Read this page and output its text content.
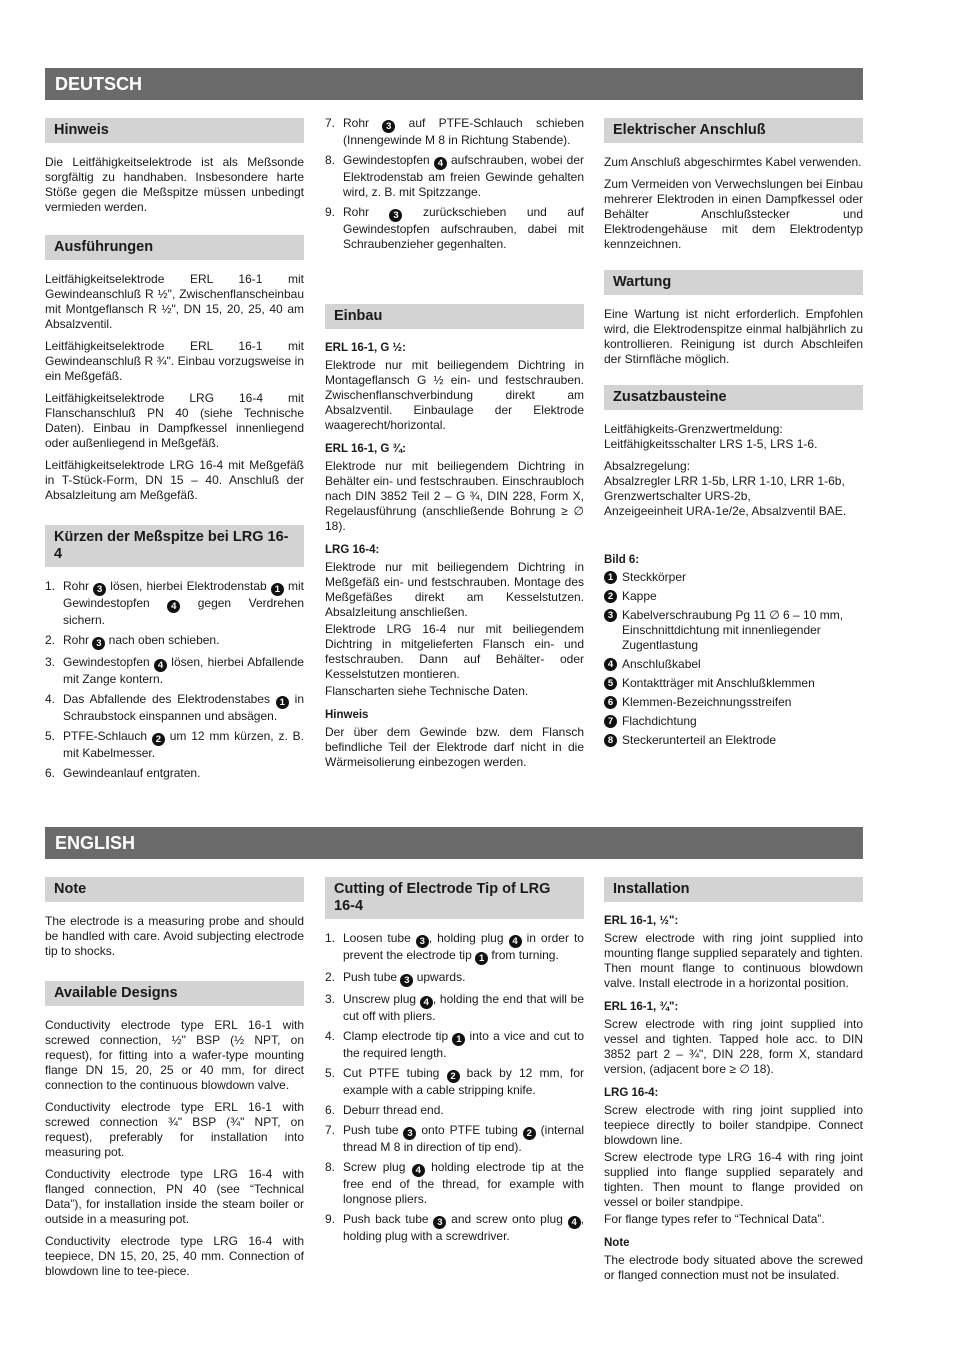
DEUTSCH
Hinweis

Die Leitfähigkeitselektrode ist als Meßsonde sorgfältig zu handhaben. Insbesondere harte Stöße gegen die Meßspitze müssen unbedingt vermieden werden.

Ausführungen

Leitfähigkeitselektrode ERL 16-1 mit Gewindeanschluß R ½", Zwischenflanscheinbau mit Montgeflansch R ½", DN 15, 20, 25, 40 am Absalzventil.

Leitfähigkeitselektrode ERL 16-1 mit Gewindeanschluß R ¾". Einbau vorzugsweise in ein Meßgefäß.

Leitfähigkeitselektrode LRG 16-4 mit Flanschanschluß PN 40 (siehe Technische Daten). Einbau in Dampfkessel innenliegend oder außenliegend in Meßgefäß.

Leitfähigkeitselektrode LRG 16-4 mit Meßgefäß in T-Stück-Form, DN 15 – 40. Anschluß der Absalzleitung am Meßgefäß.

Kürzen der Meßspitze bei LRG 16-4
1. Rohr 3 lösen, hierbei Elektrodenstab 1 mit Gewindestopfen 4 gegen Verdrehen sichern.
2. Rohr 3 nach oben schieben.
3. Gewindestopfen 4 lösen, hierbei Abfallende mit Zange kontern.
4. Das Abfallende des Elektrodenstabes 1 in Schraubstock einspannen und absägen.
5. PTFE-Schlauch 2 um 12 mm kürzen, z. B. mit Kabelmesser.
6. Gewindeanlauf entgraten.
7. Rohr 3 auf PTFE-Schlauch schieben (Innengewinde M 8 in Richtung Stabende).
8. Gewindestopfen 4 aufschrauben, wobei der Elektrodenstab am freien Gewinde gehalten wird, z. B. mit Spitzzange.
9. Rohr 3 zurückschieben und auf Gewindestopfen aufschrauben, dabei mit Schraubenzieher gegenhalten.
Einbau
ERL 16-1, G ½:

Elektrode nur mit beiliegendem Dichtring in Montageflansch G ½ ein- und festschrauben. Zwischenflanschverbindung direkt am Absalzventil. Einbaulage der Elektrode waagerecht/horizontal.

ERL 16-1, G ¾:

Elektrode nur mit beiliegendem Dichtring in Behälter ein- und festschrauben. Einschraubloch nach DIN 3852 Teil 2 – G ¾, DIN 228, Form X, Regelausführung (anschließende Bohrung ≥ ∅ 18).

LRG 16-4:

Elektrode nur mit beiliegendem Dichtring in Meßgefäß ein- und festschrauben. Montage des Meßgefäßes direkt am Kesselstutzen. Absalzleitung anschließen.

Elektrode LRG 16-4 nur mit beiliegendem Dichtring in mitgelieferten Flansch ein- und festschrauben. Dann auf Behälter- oder Kesselstutzen montieren.

Flanscharten siehe Technische Daten.

Hinweis

Der über dem Gewinde bzw. dem Flansch befindliche Teil der Elektrode darf nicht in die Wärmeisolierung einbezogen werden.

Elektrischer Anschluß

Zum Anschluß abgeschirmtes Kabel verwenden.

Zum Vermeiden von Verwechslungen bei Einbau mehrerer Elektroden in einen Dampfkessel oder Behälter Anschlußstecker und Elektrodengehäuse mit dem Elektrodentyp kennzeichnen.

Wartung

Eine Wartung ist nicht erforderlich. Empfohlen wird, die Elektrodenspitze einmal halbjährlich zu kontrollieren. Reinigung ist durch Abschleifen der Stirnfläche möglich.

Zusatzbausteine
Leitfähigkeits-Grenzwertmeldung:
Leitfähigkeitsschalter LRS 1-5, LRS 1-6.
Absalzregelung:
Absalzregler LRR 1-5b, LRR 1-10, LRR 1-6b,
Grenzwertschalter URS-2b,
Anzeigeeinheit URA-1e/2e, Absalzventil BAE.
Bild 6:
1 Steckkörper
2 Kappe
3 Kabelverschraubung Pg 11 ∅ 6 – 10 mm, Einschnittdichtung mit innenliegender Zugentlastung
4 Anschlußkabel
5 Kontaktträger mit Anschlußklemmen
6 Klemmen-Bezeichnungsstreifen
7 Flachdichtung
8 Steckerunterteil an Elektrode
ENGLISH
Note

The electrode is a measuring probe and should be handled with care. Avoid subjecting electrode tip to shocks.

Available Designs

Conductivity electrode type ERL 16-1 with screwed connection, ½" BSP (½ NPT, on request), for fitting into a wafer-type mounting flange DN 15, 20, 25 or 40 mm, for direct connection to the continuous blowdown valve.

Conductivity electrode type ERL 16-1 with screwed connection ¾" BSP (¾" NPT, on request), preferably for installation into measuring pot.

Conductivity electrode type LRG 16-4 with flanged connection, PN 40 (see “Technical Data”), for installation inside the steam boiler or outside in a measuring pot.

Conductivity electrode type LRG 16-4 with teepiece, DN 15, 20, 25, 40 mm. Connection of blowdown line to tee-piece.

Cutting of Electrode Tip of LRG 16-4
1. Loosen tube 3 , holding plug 4 in order to prevent the electrode tip 1 from turning.
2. Push tube 3 upwards.
3. Unscrew plug 4 , holding the end that will be cut off with pliers.
4. Clamp electrode tip 1 into a vice and cut to the required length.
5. Cut PTFE tubing 2 back by 12 mm, for example with a cable stripping knife.
6. Deburr thread end.
7. Push tube 3 onto PTFE tubing 2 (internal thread M 8 in direction of tip end).
8. Screw plug 4 holding electrode tip at the free end of the thread, for example with longnose pliers.
9. Push back tube 3 and screw onto plug 4 , holding plug with a screwdriver.
Installation
ERL 16-1, ½":

Screw electrode with ring joint supplied into mounting flange supplied separately and tighten. Then mount flange to continuous blowdown valve. Install electrode in a horizontal position.

ERL 16-1, ¾":

Screw electrode with ring joint supplied into vessel and tighten. Tapped hole acc. to DIN 3852 part 2 – ¾", DIN 228, form X, standard version, (adjacent bore ≥ ∅ 18).

LRG 16-4:

Screw electrode with ring joint supplied into teepiece directly to boiler standpipe. Connect blowdown line.

Screw electrode type LRG 16-4 with ring joint supplied into flange supplied separately and tighten. Then mount to flange provided on vessel or boiler standpipe.

For flange types refer to “Technical Data”.

Note

The electrode body situated above the screwed or flanged connection must not be insulated.
